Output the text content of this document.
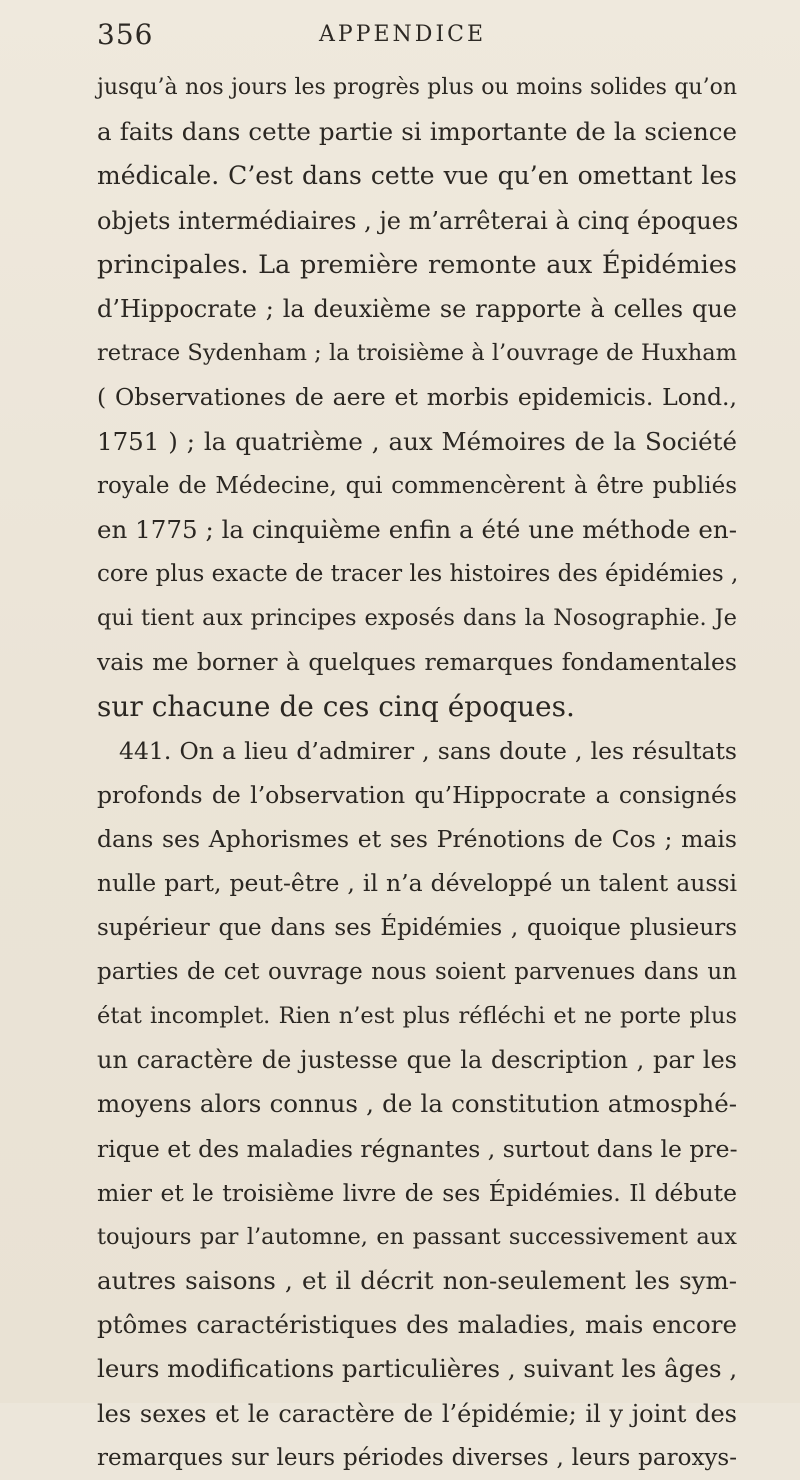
356	APPENDICE
jusqu’à nos jours les progrès plus ou moins solides qu’on
a faits dans cette partie si importante de la science
médicale. C’est dans cette vue qu’en omettant les
objets intermédiaires , je m’arrêterai à cinq époques
principales. La première remonte aux Épidémies
d’Hippocrate ; la deuxième se rapporte à celles que
retrace Sydenham ; la troisième à l’ouvrage de Huxham
( Observationes de aere et morbis epidemicis. Lond.,
1751 ) ; la quatrième , aux Mémoires de la Société
royale de Médecine, qui commencèrent à être publiés
en 1775 ; la cinquième enfin a été une méthode en-
core plus exacte de tracer les histoires des épidémies ,
qui tient aux principes exposés dans la Nosographie. Je
vais me borner à quelques remarques fondamentales
sur chacune de ces cinq époques.
441. On a lieu d’admirer , sans doute , les résultats
profonds de l’observation qu’Hippocrate a consignés
dans ses Aphorismes et ses Prénotions de Cos ; mais
nulle part, peut-être , il n’a développé un talent aussi
supérieur que dans ses Épidémies , quoique plusieurs
parties de cet ouvrage nous soient parvenues dans un
état incomplet. Rien n’est plus réfléchi et ne porte plus
un caractère de justesse que la description , par les
moyens alors connus , de la constitution atmosphé-
rique et des maladies régnantes , surtout dans le pre-
mier et le troisième livre de ses Épidémies. Il débute
toujours par l’automne, en passant successivement aux
autres saisons , et il décrit non-seulement les sym-
ptômes caractéristiques des maladies, mais encore
leurs modifications particulières , suivant les âges ,
les sexes et le caractère de l’épidémie; il y joint des
remarques sur leurs périodes diverses , leurs paroxys-
